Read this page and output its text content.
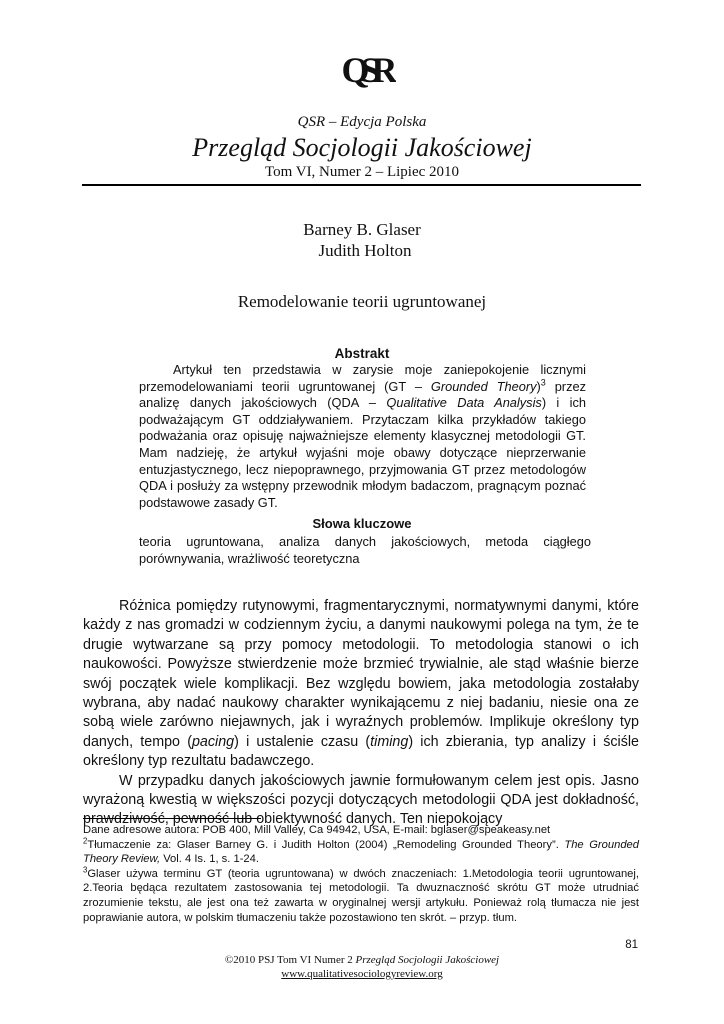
QSR
QSR – Edycja Polska
Przegląd Socjologii Jakościowej
Tom VI, Numer 2 – Lipiec 2010
Barney B. Glaser
Judith Holton
Remodelowanie teorii ugruntowanej
Abstrakt

Artykuł ten przedstawia w zarysie moje zaniepokojenie licznymi przemodelowaniami teorii ugruntowanej (GT – Grounded Theory)$^3$ przez analizę danych jakościowych (QDA – Qualitative Data Analysis) i ich podważającym GT oddziaływaniem. Przytaczam kilka przykładów takiego podważania oraz opisuję najważniejsze elementy klasycznej metodologii GT. Mam nadzieję, że artykuł wyjaśni moje obawy dotyczące nieprzerwanie entuzjastycznego, lecz niepoprawnego, przyjmowania GT przez metodologów QDA i posłuży za wstępny przewodnik młodym badaczom, pragnącym poznać podstawowe zasady GT.

Słowa kluczowe

teoria ugruntowana, analiza danych jakościowych, metoda ciągłego porównywania, wrażliwość teoretyczna

Różnica pomiędzy rutynowymi, fragmentarycznymi, normatywnymi danymi, które każdy z nas gromadzi w codziennym życiu, a danymi naukowymi polega na tym, że te drugie wytwarzane są przy pomocy metodologii. To metodologia stanowi o ich naukowości. Powyższe stwierdzenie może brzmieć trywialnie, ale stąd właśnie bierze swój początek wiele komplikacji. Bez względu bowiem, jaka metodologia zostałaby wybrana, aby nadać naukowy charakter wynikającemu z niej badaniu, niesie ona ze sobą wiele zarówno niejawnych, jak i wyraźnych problemów. Implikuje określony typ danych, tempo (pacing) i ustalenie czasu (timing) ich zbierania, typ analizy i ściśle określony typ rezultatu badawczego.

W przypadku danych jakościowych jawnie formułowanym celem jest opis. Jasno wyrażoną kwestią w większości pozycji dotyczących metodologii QDA jest dokładność, prawdziwość, pewność lub obiektywność danych. Ten niepokojący

Dane adresowe autora: POB 400, Mill Valley, Ca 94942, USA, E-mail: bglaser@speakeasy.net

$^2$Tłumaczenie za: Glaser Barney G. i Judith Holton (2004) „Remodeling Grounded Theory”. The Grounded Theory Review, Vol. 4 Is. 1, s. 1-24.

$^3$Glaser używa terminu GT (teoria ugruntowana) w dwóch znaczeniach: 1.Metodologia teorii ugruntowanej, 2.Teoria będąca rezultatem zastosowania tej metodologii. Ta dwuznaczność skrótu GT może utrudniać zrozumienie tekstu, ale jest ona też zawarta w oryginalnej wersji artykułu. Ponieważ rolą tłumacza nie jest poprawianie autora, w polskim tłumaczeniu także pozostawiono ten skrót. – przyp. tłum.

81
©2010 PSJ Tom VI Numer 2 Przegląd Socjologii Jakościowej
www.qualitativesociologyreview.org
